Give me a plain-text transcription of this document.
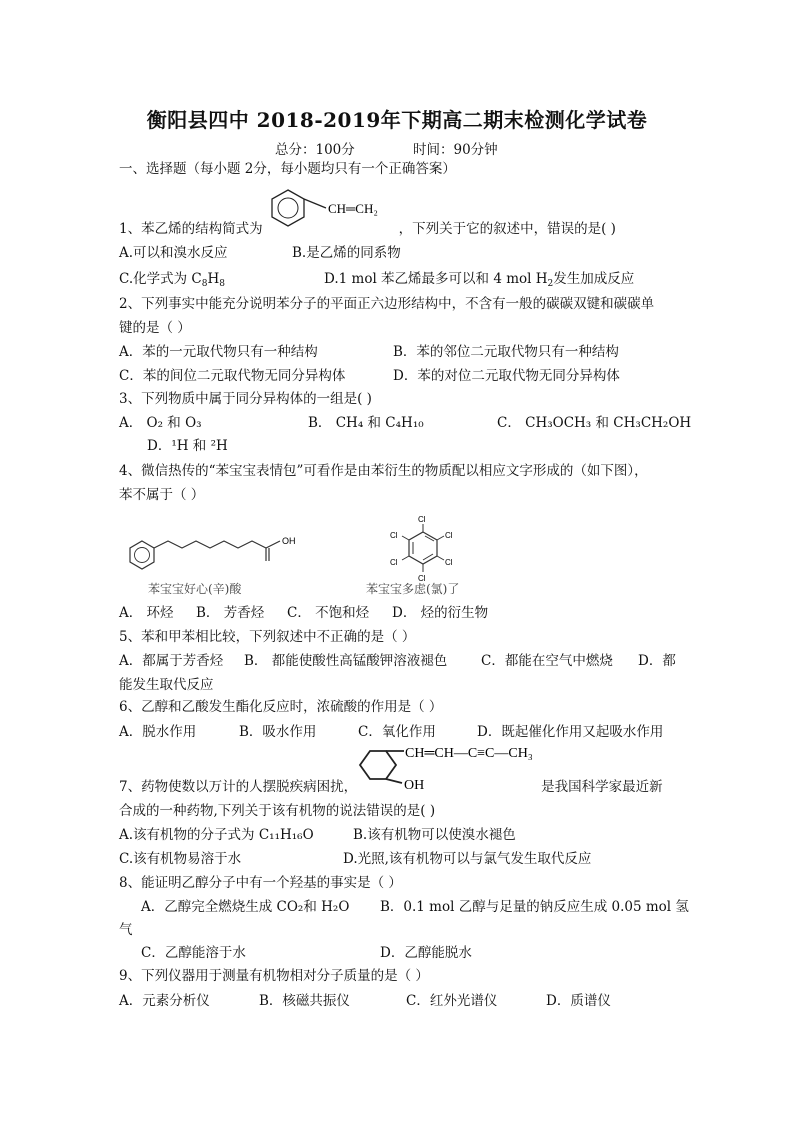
衡阳县四中 2018-2019年下期高二期末检测化学试卷
总分：100分	时间：90分钟
一、选择题（每小题 2分，每小题均只有一个正确答案）
CH═CH₂
1、苯乙烯的结构简式为	，下列关于它的叙述中，错误的是( )
A.可以和溴水反应	B.是乙烯的同系物
C.化学式为 $C_8H_8$	D.1 mol 苯乙烯最多可以和 4 mol $H_2$发生加成反应
2、下列事实中能充分说明苯分子的平面正六边形结构中，不含有一般的碳碳双键和碳碳单
键的是（ ）
A．苯的一元取代物只有一种结构	B．苯的邻位二元取代物只有一种结构
C．苯的间位二元取代物无同分异构体	D．苯的对位二元取代物无同分异构体
3、下列物质中属于同分异构体的一组是( )
A． O₂ 和 O₃	B． CH₄ 和 C₄H₁₀	C． CH₃OCH₃ 和 CH₃CH₂OH
D．¹H 和 ²H
4、微信热传的“苯宝宝表情包”可看作是由苯衍生的物质配以相应文字形成的（如下图），
苯不属于（ ）
OH
苯宝宝好心(辛)酸
Cl
Cl
Cl
Cl
Cl
Cl
苯宝宝多虑(氯)了
A． 环烃 B． 芳香烃 C． 不饱和烃 D． 烃的衍生物
5、苯和甲苯相比较，下列叙述中不正确的是（ ）
A．都属于芳香烃 B． 都能使酸性高锰酸钾溶液褪色	C．都能在空气中燃烧 D．都
能发生取代反应
6、乙醇和乙酸发生酯化反应时，浓硫酸的作用是（ ）
A．脱水作用	B．吸水作用	C．氧化作用	D．既起催化作用又起吸水作用
CH═CH—C≡C—CH₃
OH
7、药物使数以万计的人摆脱疾病困扰，	是我国科学家最近新
合成的一种药物,下列关于该有机物的说法错误的是( )
A.该有机物的分子式为 C₁₁H₁₆O	B.该有机物可以使溴水褪色
C.该有机物易溶于水	D.光照,该有机物可以与氯气发生取代反应
8、能证明乙醇分子中有一个羟基的事实是（ ）
A．乙醇完全燃烧生成 CO₂和 H₂O B．0.1 mol 乙醇与足量的钠反应生成 0.05 mol 氢
气
C．乙醇能溶于水	D．乙醇能脱水
9、下列仪器用于测量有机物相对分子质量的是（ ）
A．元素分析仪	B．核磁共振仪	C．红外光谱仪	D．质谱仪
